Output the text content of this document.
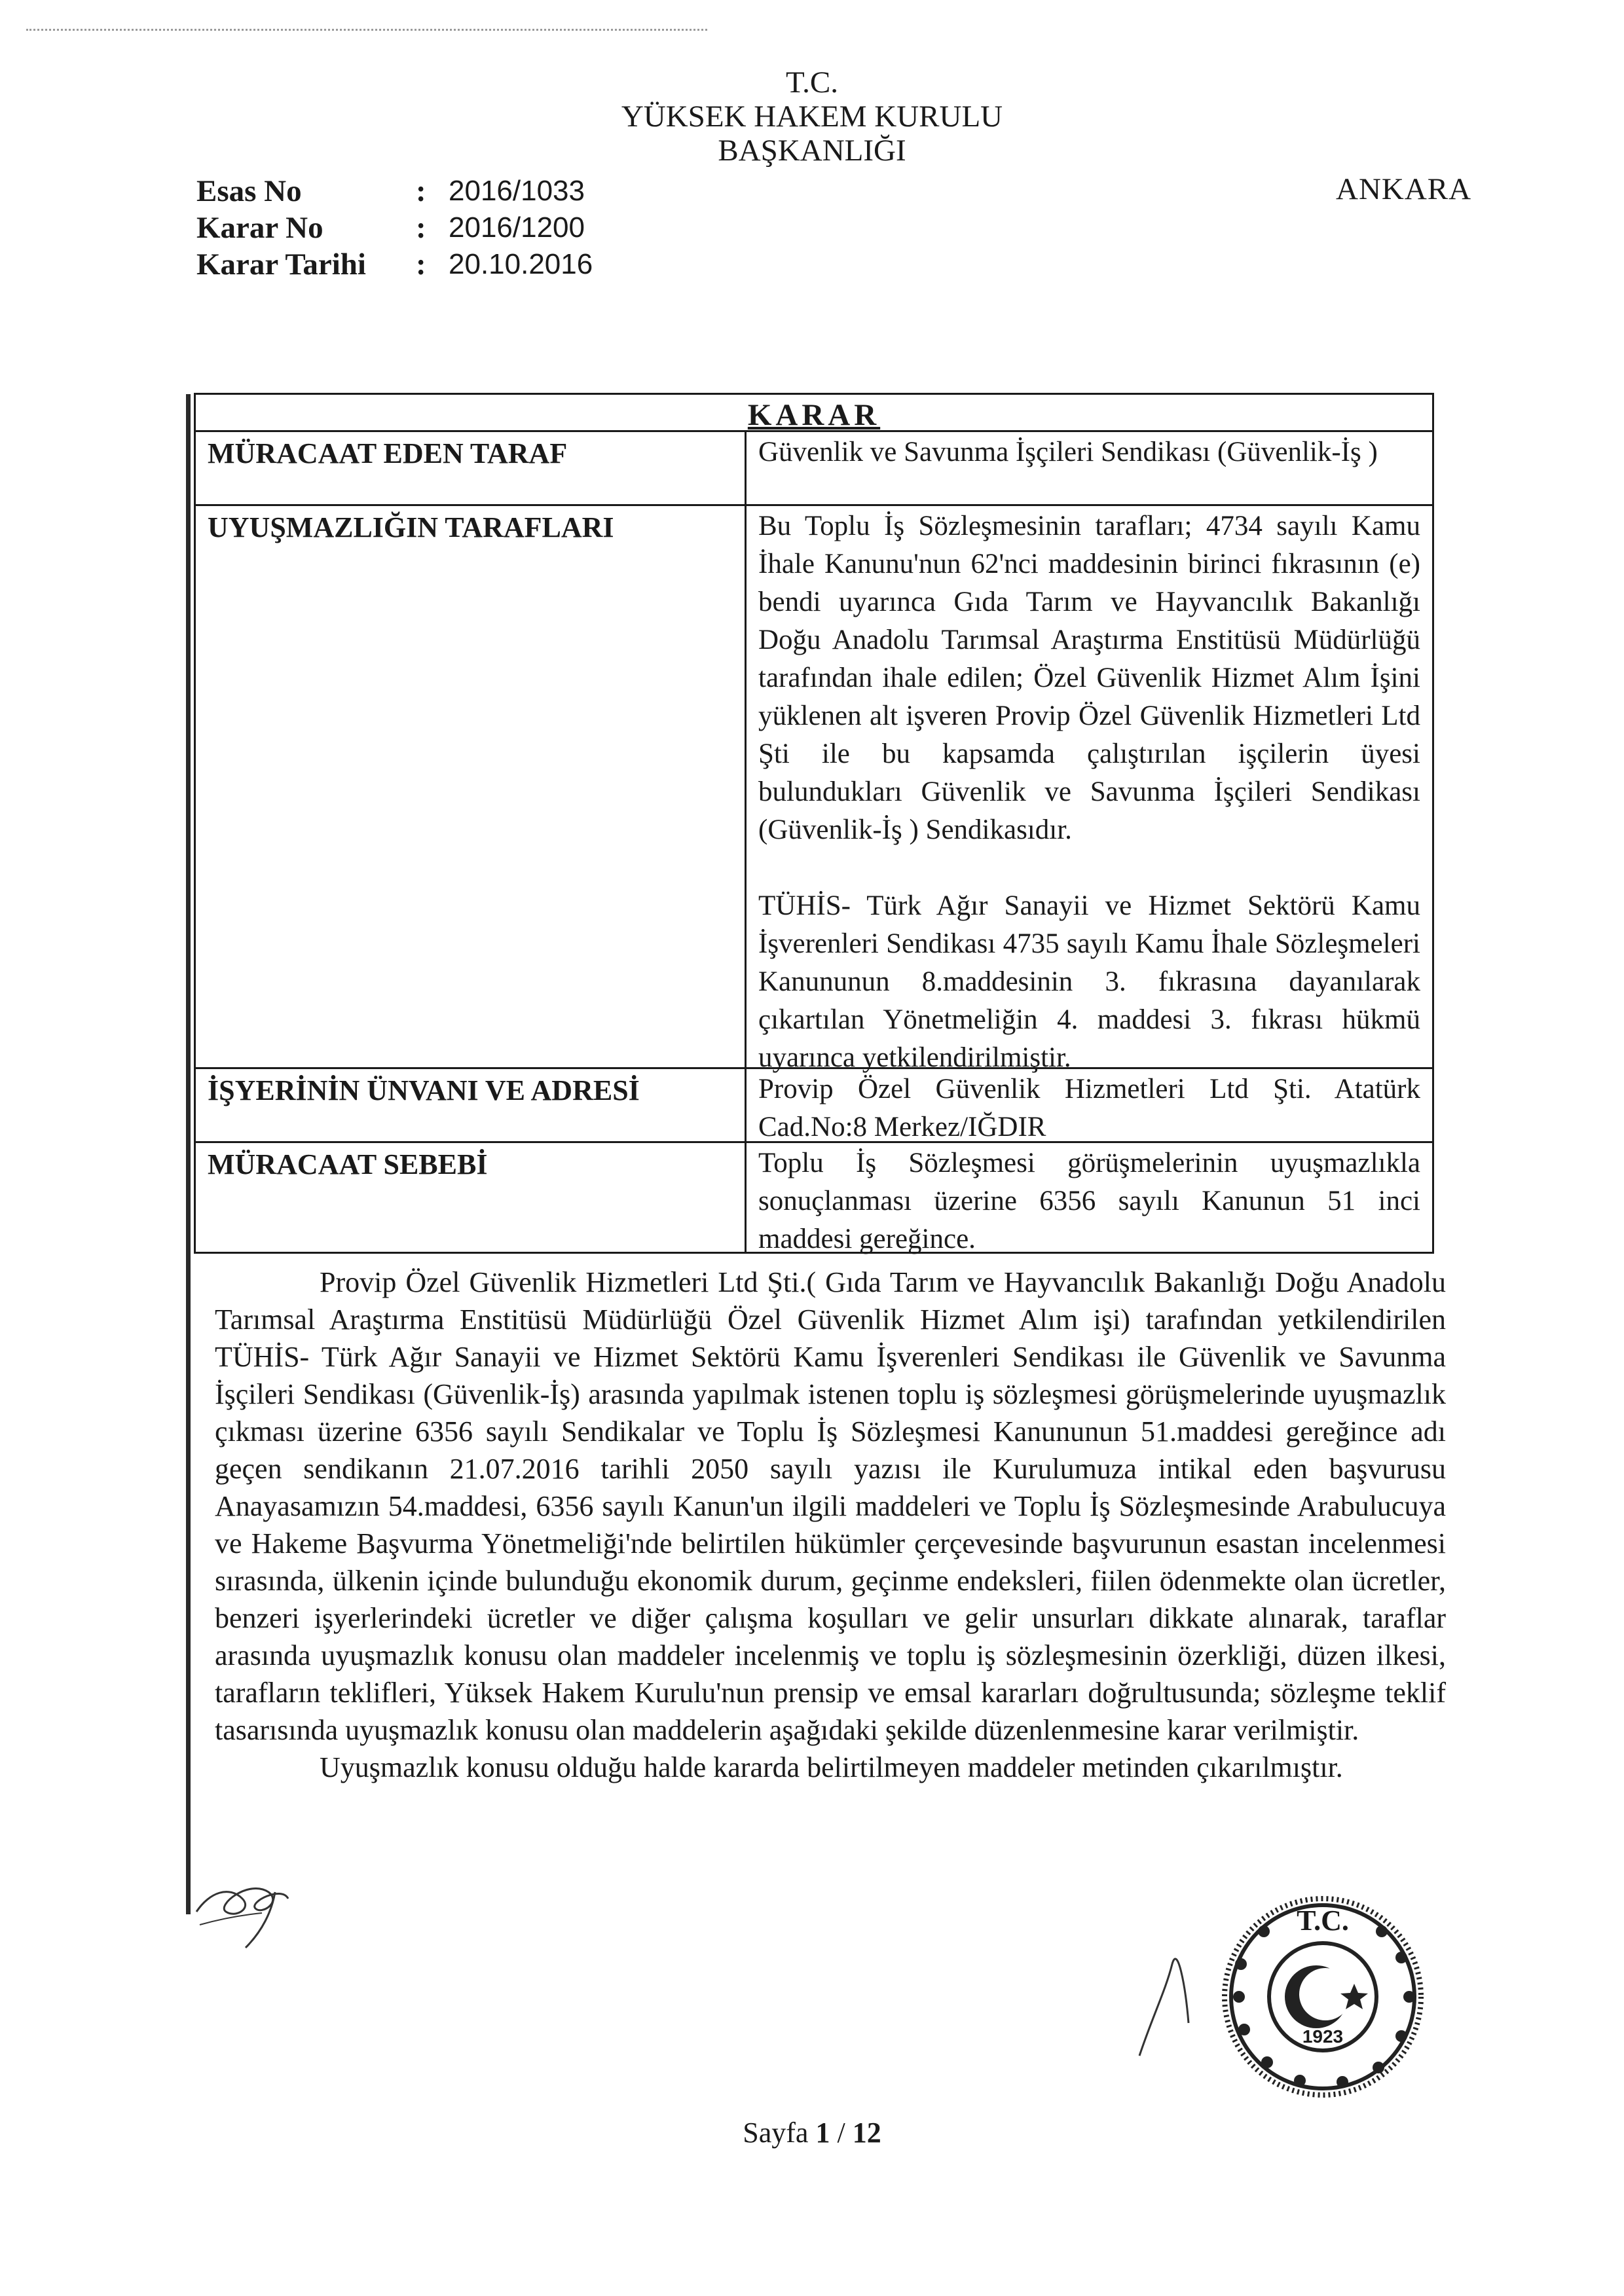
T.C.
YÜKSEK HAKEM KURULU
BAŞKANLIĞI
ANKARA
Esas No	: 2016/1033
Karar No	: 2016/1200
Karar Tarihi	: 20.10.2016
KARAR
MÜRACAAT EDEN TARAF	Güvenlik ve Savunma İşçileri Sendikası (Güvenlik-İş )
UYUŞMAZLIĞIN TARAFLARI	Bu Toplu İş Sözleşmesinin tarafları; 4734 sayılı Kamu İhale Kanunu'nun 62'nci maddesinin birinci fıkrasının (e) bendi uyarınca Gıda Tarım ve Hayvancılık Bakanlığı Doğu Anadolu Tarımsal Araştırma Enstitüsü Müdürlüğü tarafından ihale edilen; Özel Güvenlik Hizmet Alım İşini yüklenen alt işveren Provip Özel Güvenlik Hizmetleri Ltd Şti ile bu kapsamda çalıştırılan işçilerin üyesi bulundukları Güvenlik ve Savunma İşçileri Sendikası (Güvenlik-İş ) Sendikasıdır.

TÜHİS- Türk Ağır Sanayii ve Hizmet Sektörü Kamu İşverenleri Sendikası 4735 sayılı Kamu İhale Sözleşmeleri Kanununun 8.maddesinin 3. fıkrasına dayanılarak çıkartılan Yönetmeliğin 4. maddesi 3. fıkrası hükmü uyarınca yetkilendirilmiştir.

İŞYERİNİN ÜNVANI VE ADRESİ	Provip Özel Güvenlik Hizmetleri Ltd Şti. Atatürk Cad.No:8 Merkez/IĞDIR
MÜRACAAT SEBEBİ	Toplu İş Sözleşmesi görüşmelerinin uyuşmazlıkla sonuçlanması üzerine 6356 sayılı Kanunun 51 inci maddesi gereğince.

Provip Özel Güvenlik Hizmetleri Ltd Şti.( Gıda Tarım ve Hayvancılık Bakanlığı Doğu Anadolu Tarımsal Araştırma Enstitüsü Müdürlüğü Özel Güvenlik Hizmet Alım işi) tarafından yetkilendirilen TÜHİS- Türk Ağır Sanayii ve Hizmet Sektörü Kamu İşverenleri Sendikası ile Güvenlik ve Savunma İşçileri Sendikası (Güvenlik-İş) arasında yapılmak istenen toplu iş sözleşmesi görüşmelerinde uyuşmazlık çıkması üzerine 6356 sayılı Sendikalar ve Toplu İş Sözleşmesi Kanununun 51.maddesi gereğince adı geçen sendikanın 21.07.2016 tarihli 2050 sayılı yazısı ile Kurulumuza intikal eden başvurusu Anayasamızın 54.maddesi, 6356 sayılı Kanun'un ilgili maddeleri ve Toplu İş Sözleşmesinde Arabulucuya ve Hakeme Başvurma Yönetmeliği'nde belirtilen hükümler çerçevesinde başvurunun esastan incelenmesi sırasında, ülkenin içinde bulunduğu ekonomik durum, geçinme endeksleri, fiilen ödenmekte olan ücretler, benzeri işyerlerindeki ücretler ve diğer çalışma koşulları ve gelir unsurları dikkate alınarak, taraflar arasında uyuşmazlık konusu olan maddeler incelenmiş ve toplu iş sözleşmesinin özerkliği, düzen ilkesi, tarafların teklifleri, Yüksek Hakem Kurulu'nun prensip ve emsal kararları doğrultusunda; sözleşme teklif tasarısında uyuşmazlık konusu olan maddelerin aşağıdaki şekilde düzenlenmesine karar verilmiştir.

Uyuşmazlık konusu olduğu halde kararda belirtilmeyen maddeler metinden çıkarılmıştır.

T.C.
1923
Sayfa 1 / 12
